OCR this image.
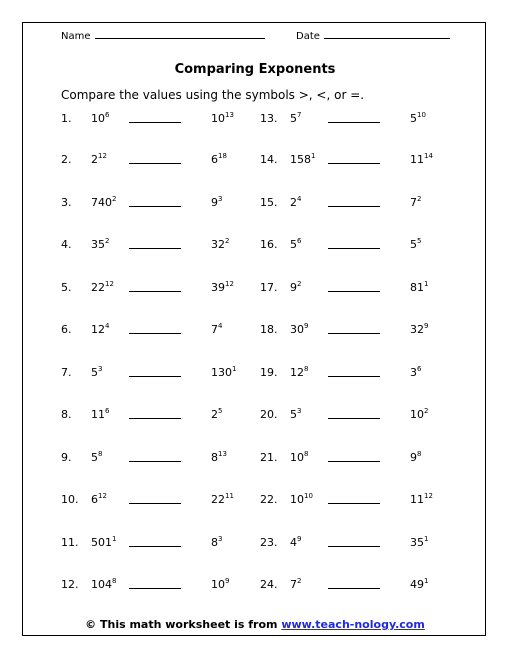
Name	Date
Comparing Exponents
Compare the values using the symbols >, <, or =.
1. $10^6$	$10^{13}$
2. $2^{12}$	$6^{18}$
3. $740^2$	$9^3$
4. $35^2$	$32^2$
5. $22^{12}$	$39^{12}$
6. $12^4$	$7^4$
7. $5^3$	$130^1$
8. $11^6$	$2^5$
9. $5^8$	$8^{13}$
10. $6^{12}$	$22^{11}$
11. $501^1$	$8^3$
12. $104^8$	$10^9$
13. $5^7$	$5^{10}$
14. $158^1$	$11^{14}$
15. $2^4$	$7^2$
16. $5^6$	$5^5$
17. $9^2$	$81^1$
18. $30^9$	$32^9$
19. $12^8$	$3^6$
20. $5^3$	$10^2$
21. $10^8$	$9^8$
22. $10^{10}$	$11^{12}$
23. $4^9$	$35^1$
24. $7^2$	$49^1$
© This math worksheet is from www.teach-nology.com
